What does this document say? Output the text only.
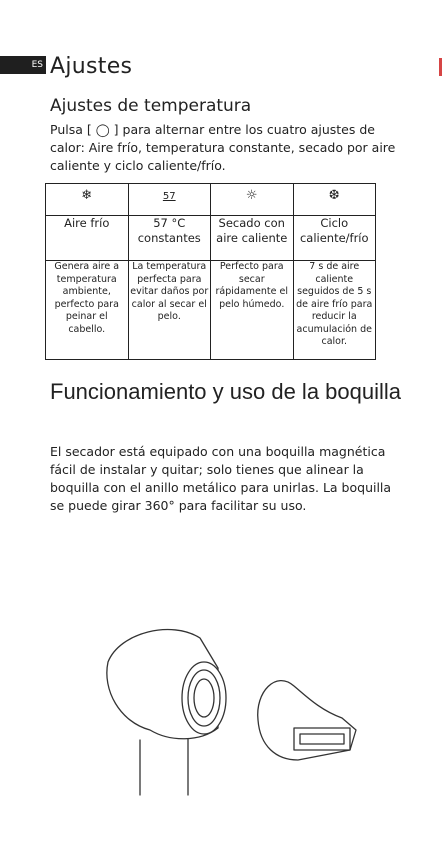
ES Ajustes
Ajustes de temperatura

Pulsa [ ◯ ] para alternar entre los cuatro ajustes de calor: Aire frío, temperatura constante, secado por aire caliente y ciclo caliente/frío.

❄	57	☼	❆
Aire frío	57 °C constantes	Secado con aire caliente	Ciclo caliente/frío
Genera aire a temperatura ambiente, perfecto para peinar el cabello.	La temperatura perfecta para evitar daños por calor al secar el pelo.	Perfecto para secar rápidamente el pelo húmedo.	7 s de aire caliente seguidos de 5 s de aire frío para reducir la acumulación de calor.
Funcionamiento y uso de la boquilla

El secador está equipado con una boquilla magnética fácil de instalar y quitar; solo tienes que alinear la boquilla con el anillo metálico para unirlas. La boquilla se puede girar 360° para facilitar su uso.
